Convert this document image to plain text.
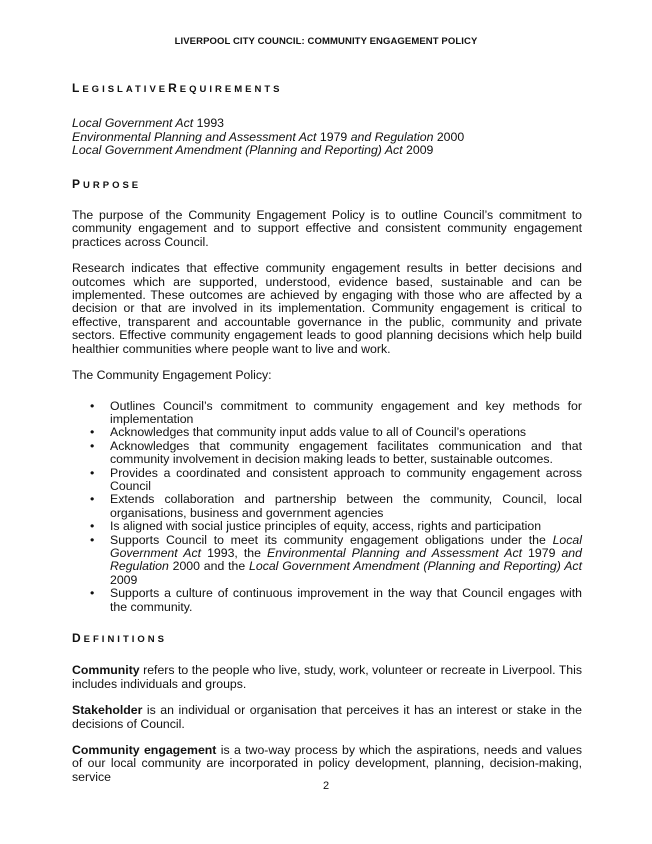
LIVERPOOL CITY COUNCIL: COMMUNITY ENGAGEMENT POLICY
LEGISLATIVEREQUIREMENTS
Local Government Act 1993
Environmental Planning and Assessment Act 1979 and Regulation 2000
Local Government Amendment (Planning and Reporting) Act 2009
PURPOSE

The purpose of the Community Engagement Policy is to outline Council’s commitment to community engagement and to support effective and consistent community engagement practices across Council.

Research indicates that effective community engagement results in better decisions and outcomes which are supported, understood, evidence based, sustainable and can be implemented. These outcomes are achieved by engaging with those who are affected by a decision or that are involved in its implementation. Community engagement is critical to effective, transparent and accountable governance in the public, community and private sectors. Effective community engagement leads to good planning decisions which help build healthier communities where people want to live and work.

The Community Engagement Policy:

• Outlines Council’s commitment to community engagement and key methods for implementation
• Acknowledges that community input adds value to all of Council’s operations
• Acknowledges that community engagement facilitates communication and that community involvement in decision making leads to better, sustainable outcomes.
• Provides a coordinated and consistent approach to community engagement across Council
• Extends collaboration and partnership between the community, Council, local organisations, business and government agencies
• Is aligned with social justice principles of equity, access, rights and participation
• Supports Council to meet its community engagement obligations under the Local Government Act 1993, the Environmental Planning and Assessment Act 1979 and Regulation 2000 and the Local Government Amendment (Planning and Reporting) Act 2009
• Supports a culture of continuous improvement in the way that Council engages with the community.
DEFINITIONS

Community refers to the people who live, study, work, volunteer or recreate in Liverpool. This includes individuals and groups.

Stakeholder is an individual or organisation that perceives it has an interest or stake in the decisions of Council.

Community engagement is a two-way process by which the aspirations, needs and values of our local community are incorporated in policy development, planning, decision-making, service

2
